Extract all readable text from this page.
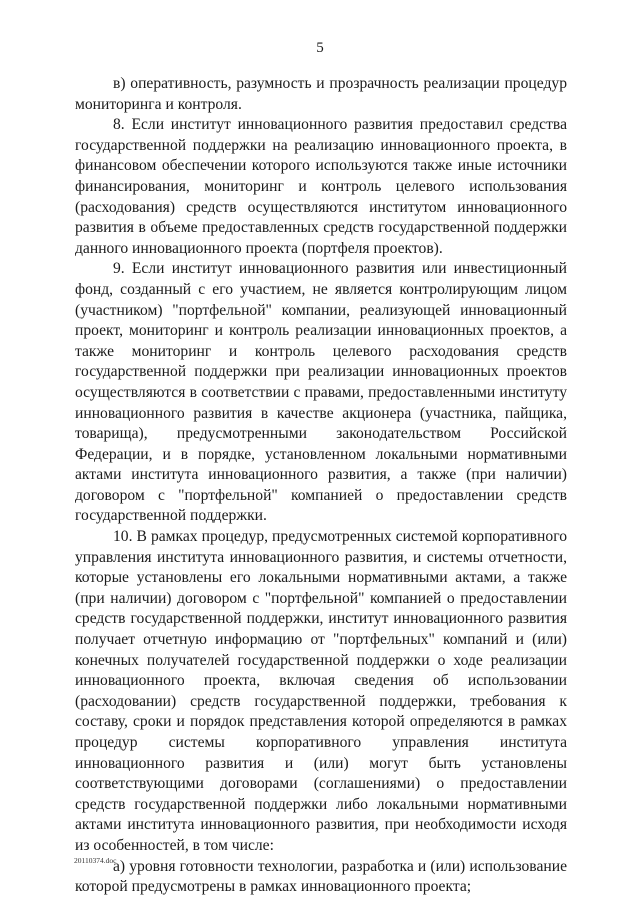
5

в) оперативность, разумность и прозрачность реализации процедур мониторинга и контроля.

8. Если институт инновационного развития предоставил средства государственной поддержки на реализацию инновационного проекта, в финансовом обеспечении которого используются также иные источники финансирования, мониторинг и контроль целевого использования (расходования) средств осуществляются институтом инновационного развития в объеме предоставленных средств государственной поддержки данного инновационного проекта (портфеля проектов).

9. Если институт инновационного развития или инвестиционный фонд, созданный с его участием, не является контролирующим лицом (участником) "портфельной" компании, реализующей инновационный проект, мониторинг и контроль реализации инновационных проектов, а также мониторинг и контроль целевого расходования средств государственной поддержки при реализации инновационных проектов осуществляются в соответствии с правами, предоставленными институту инновационного развития в качестве акционера (участника, пайщика, товарища), предусмотренными законодательством Российской Федерации, и в порядке, установленном локальными нормативными актами института инновационного развития, а также (при наличии) договором с "портфельной" компанией о предоставлении средств государственной поддержки.

10. В рамках процедур, предусмотренных системой корпоративного управления института инновационного развития, и системы отчетности, которые установлены его локальными нормативными актами, а также (при наличии) договором с "портфельной" компанией о предоставлении средств государственной поддержки, институт инновационного развития получает отчетную информацию от "портфельных" компаний и (или) конечных получателей государственной поддержки о ходе реализации инновационного проекта, включая сведения об использовании (расходовании) средств государственной поддержки, требования к составу, сроки и порядок представления которой определяются в рамках процедур системы корпоративного управления института инновационного развития и (или) могут быть установлены соответствующими договорами (соглашениями) о предоставлении средств государственной поддержки либо локальными нормативными актами института инновационного развития, при необходимости исходя из особенностей, в том числе:

а) уровня готовности технологии, разработка и (или) использование которой предусмотрены в рамках инновационного проекта;

20110374.doc
